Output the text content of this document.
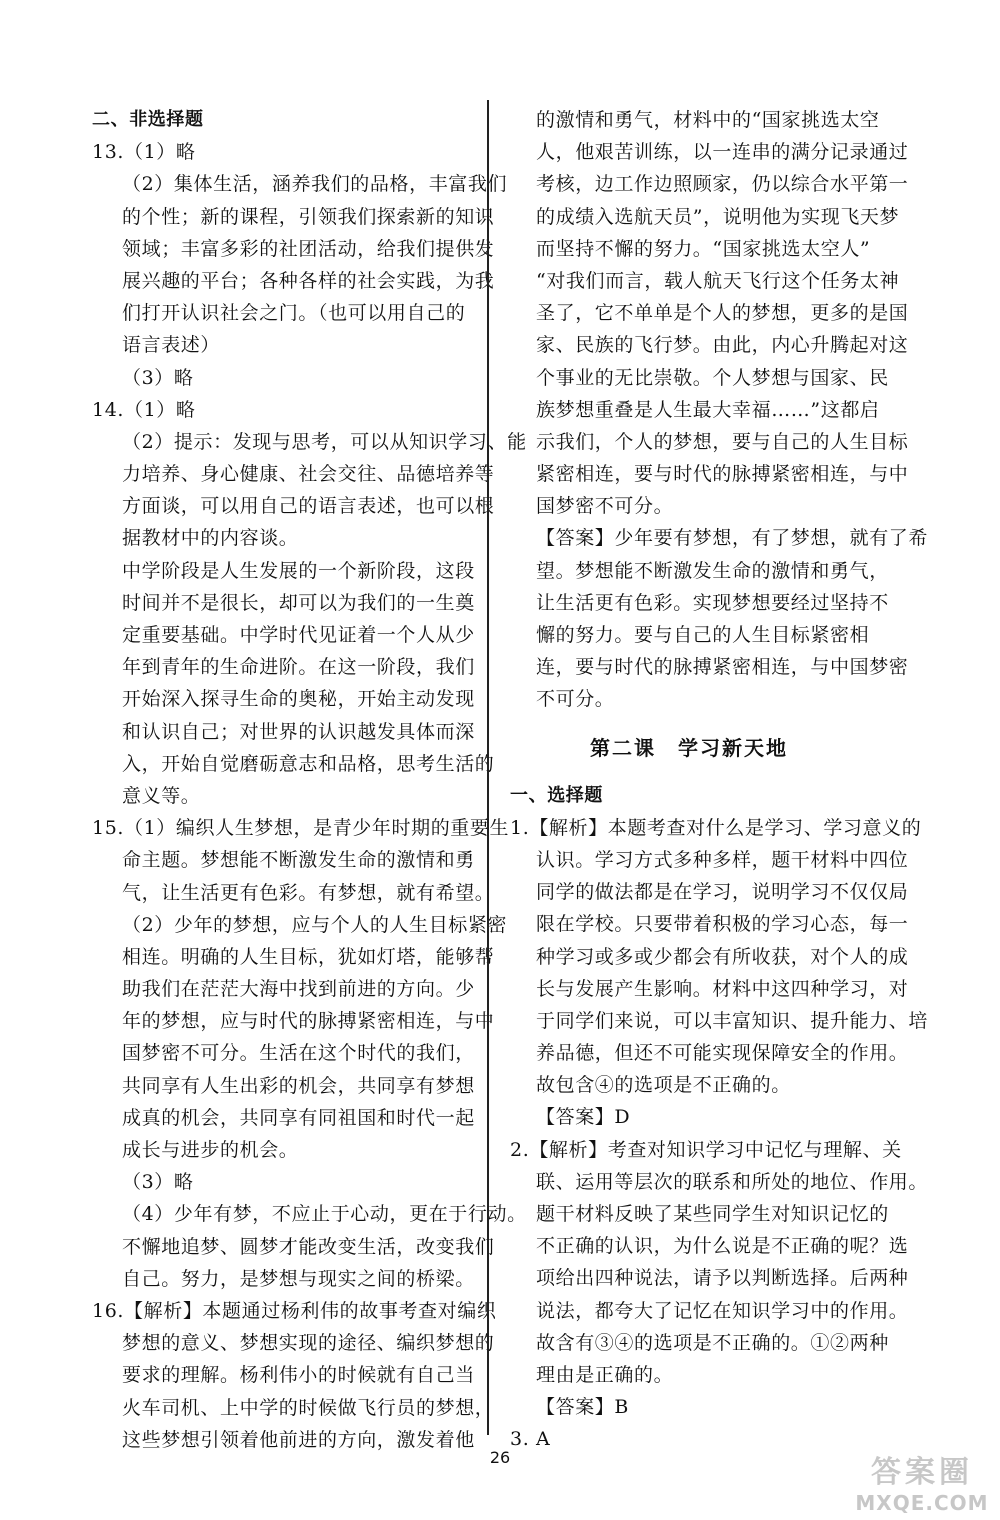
二、非选择题
13.（1）略
（2）集体生活，涵养我们的品格，丰富我们
的个性；新的课程，引领我们探索新的知识
领域；丰富多彩的社团活动，给我们提供发
展兴趣的平台；各种各样的社会实践，为我
们打开认识社会之门。（也可以用自己的
语言表述）
（3）略
14.（1）略
（2）提示：发现与思考，可以从知识学习、能
力培养、身心健康、社会交往、品德培养等
方面谈，可以用自己的语言表述，也可以根
据教材中的内容谈。
中学阶段是人生发展的一个新阶段，这段
时间并不是很长，却可以为我们的一生奠
定重要基础。中学时代见证着一个人从少
年到青年的生命进阶。在这一阶段，我们
开始深入探寻生命的奥秘，开始主动发现
和认识自己；对世界的认识越发具体而深
入，开始自觉磨砺意志和品格，思考生活的
意义等。
15.（1）编织人生梦想，是青少年时期的重要生
命主题。梦想能不断激发生命的激情和勇
气，让生活更有色彩。有梦想，就有希望。
（2）少年的梦想，应与个人的人生目标紧密
相连。明确的人生目标，犹如灯塔，能够帮
助我们在茫茫大海中找到前进的方向。少
年的梦想，应与时代的脉搏紧密相连，与中
国梦密不可分。生活在这个时代的我们，
共同享有人生出彩的机会，共同享有梦想
成真的机会，共同享有同祖国和时代一起
成长与进步的机会。
（3）略
（4）少年有梦，不应止于心动，更在于行动。
不懈地追梦、圆梦才能改变生活，改变我们
自己。努力，是梦想与现实之间的桥梁。
16.【解析】本题通过杨利伟的故事考查对编织
梦想的意义、梦想实现的途径、编织梦想的
要求的理解。杨利伟小的时候就有自己当
火车司机、上中学的时候做飞行员的梦想，
这些梦想引领着他前进的方向，激发着他
的激情和勇气，材料中的“国家挑选太空
人，他艰苦训练，以一连串的满分记录通过
考核，边工作边照顾家，仍以综合水平第一
的成绩入选航天员”，说明他为实现飞天梦
而坚持不懈的努力。“国家挑选太空人”
“对我们而言，载人航天飞行这个任务太神
圣了，它不单单是个人的梦想，更多的是国
家、民族的飞行梦。由此，内心升腾起对这
个事业的无比崇敬。个人梦想与国家、民
族梦想重叠是人生最大幸福……”这都启
示我们，个人的梦想，要与自己的人生目标
紧密相连，要与时代的脉搏紧密相连，与中
国梦密不可分。
【答案】少年要有梦想，有了梦想，就有了希
望。梦想能不断激发生命的激情和勇气，
让生活更有色彩。实现梦想要经过坚持不
懈的努力。要与自己的人生目标紧密相
连，要与时代的脉搏紧密相连，与中国梦密
不可分。
第二课　学习新天地
一、选择题
1.【解析】本题考查对什么是学习、学习意义的
认识。学习方式多种多样，题干材料中四位
同学的做法都是在学习，说明学习不仅仅局
限在学校。只要带着积极的学习心态，每一
种学习或多或少都会有所收获，对个人的成
长与发展产生影响。材料中这四种学习，对
于同学们来说，可以丰富知识、提升能力、培
养品德，但还不可能实现保障安全的作用。
故包含④的选项是不正确的。
【答案】D
2.【解析】考查对知识学习中记忆与理解、关
联、运用等层次的联系和所处的地位、作用。
题干材料反映了某些同学生对知识记忆的
不正确的认识，为什么说是不正确的呢？选
项给出四种说法，请予以判断选择。后两种
说法，都夸大了记忆在知识学习中的作用。
故含有③④的选项是不正确的。①②两种
理由是正确的。
【答案】B
3. A
26	答案圈
MXQE.COM
